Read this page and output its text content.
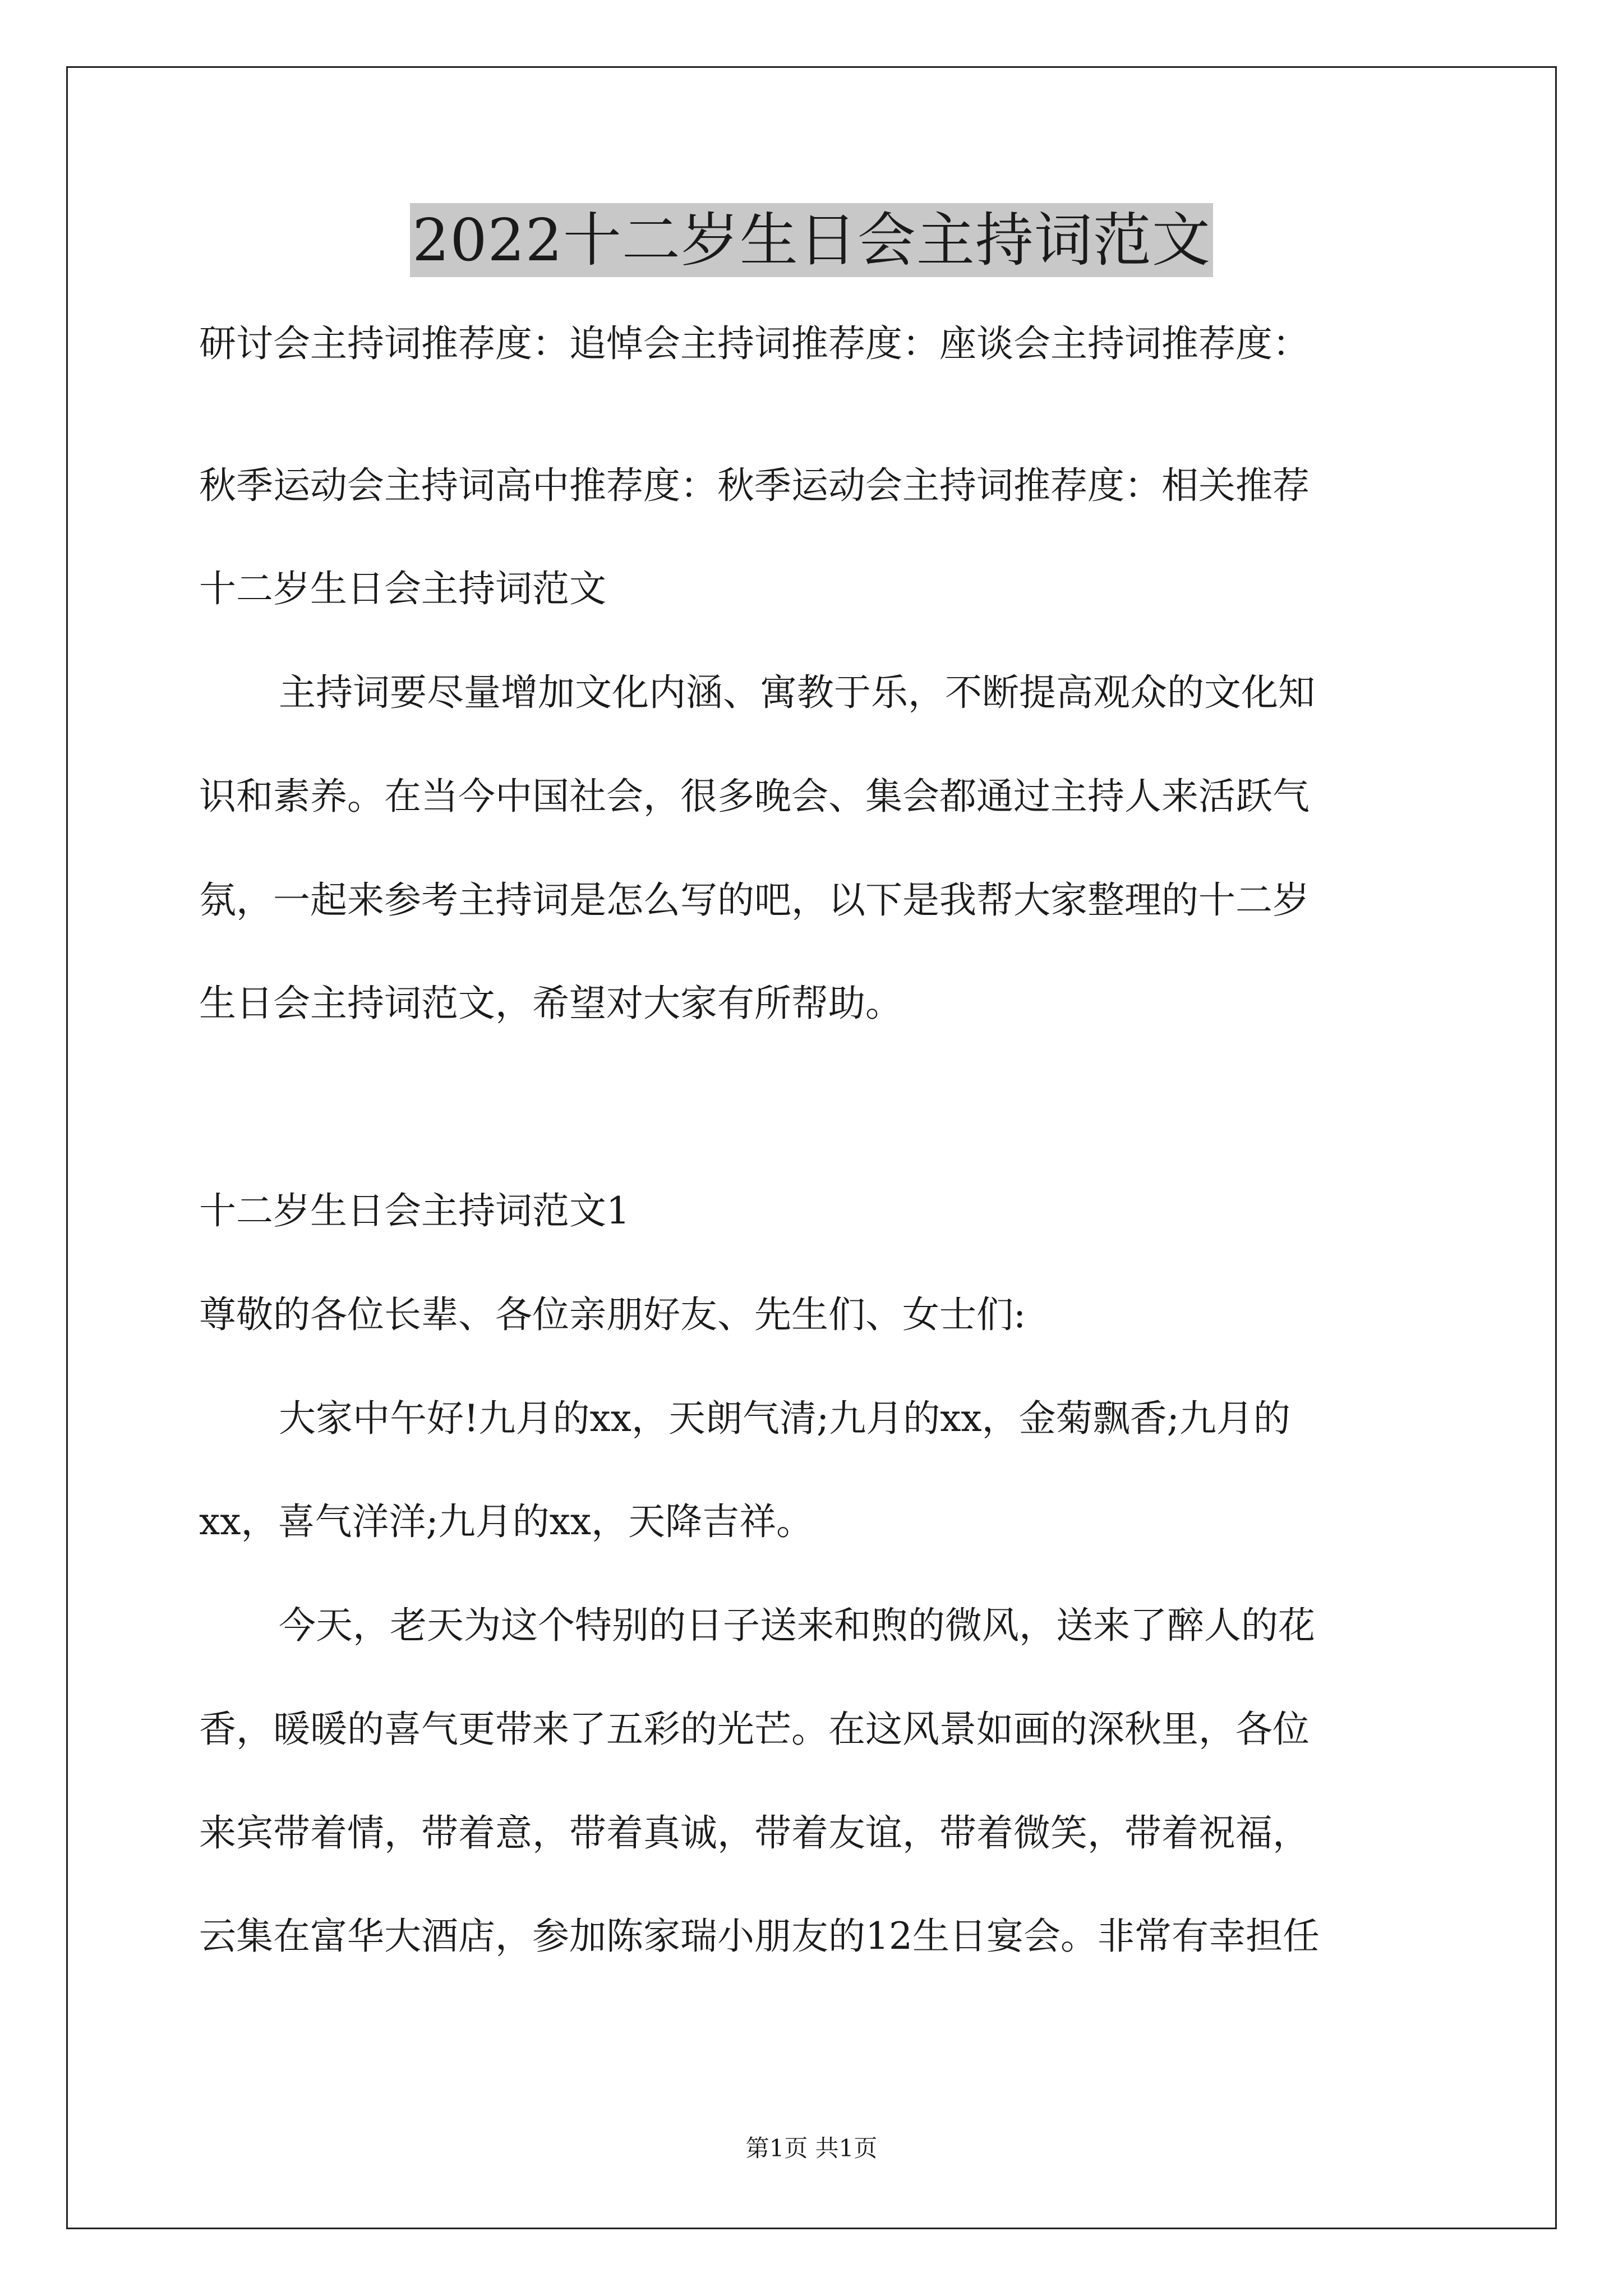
2022十二岁生日会主持词范文
研讨会主持词推荐度：追悼会主持词推荐度：座谈会主持词推荐度：
秋季运动会主持词高中推荐度：秋季运动会主持词推荐度：相关推荐
十二岁生日会主持词范文
主持词要尽量增加文化内涵、寓教于乐，不断提高观众的文化知
识和素养。在当今中国社会，很多晚会、集会都通过主持人来活跃气
氛，一起来参考主持词是怎么写的吧，以下是我帮大家整理的十二岁
生日会主持词范文，希望对大家有所帮助。
十二岁生日会主持词范文1
尊敬的各位长辈、各位亲朋好友、先生们、女士们:
大家中午好!九月的xx，天朗气清;九月的xx，金菊飘香;九月的
xx，喜气洋洋;九月的xx，天降吉祥。
今天，老天为这个特别的日子送来和煦的微风，送来了醉人的花
香，暖暖的喜气更带来了五彩的光芒。在这风景如画的深秋里，各位
来宾带着情，带着意，带着真诚，带着友谊，带着微笑，带着祝福，
云集在富华大酒店，参加陈家瑞小朋友的12生日宴会。非常有幸担任
第1页 共1页
